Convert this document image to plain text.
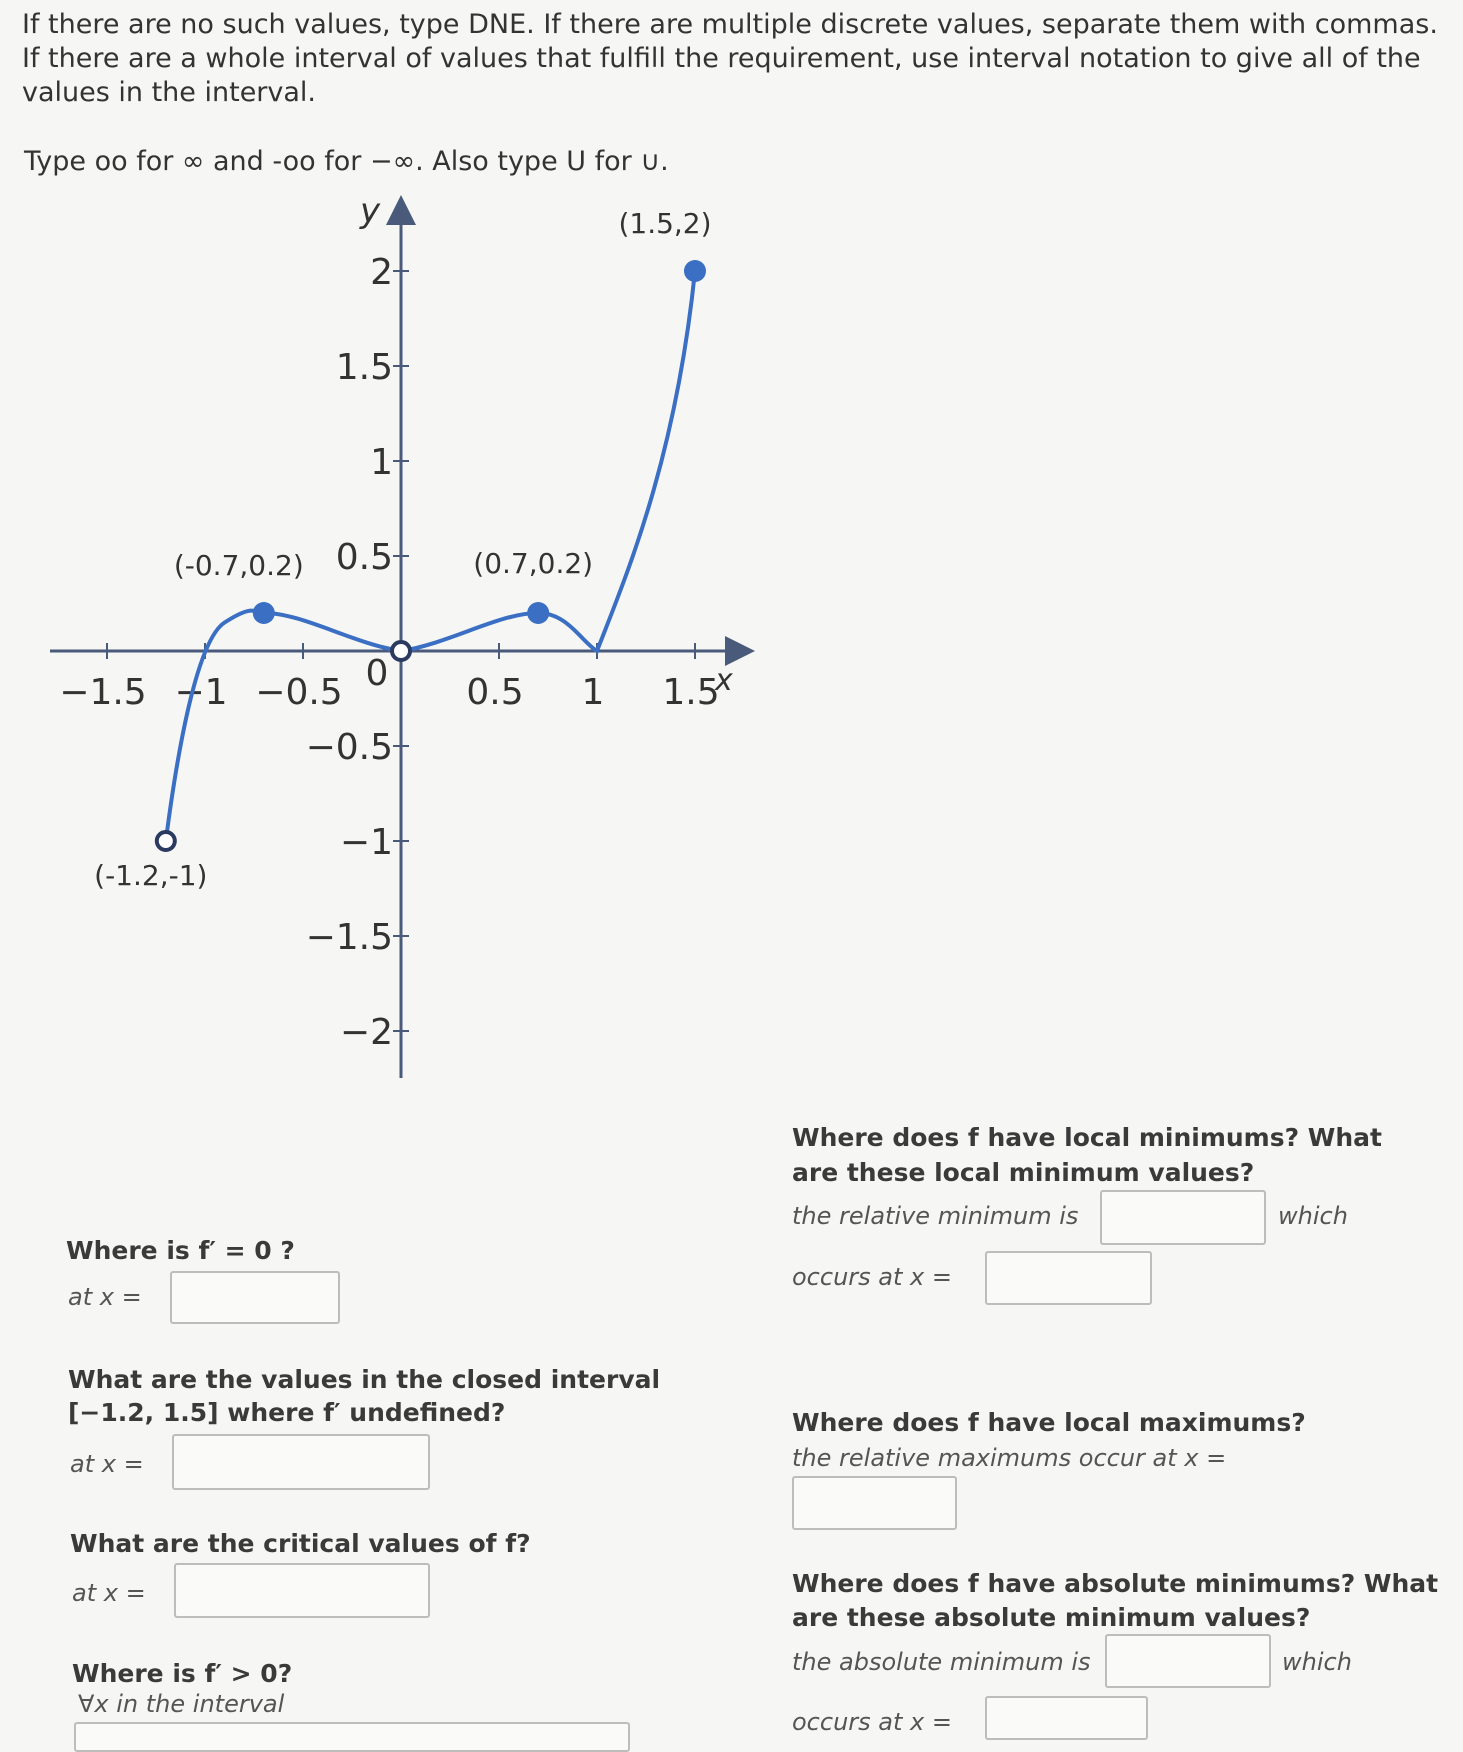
If there are no such values, type DNE. If there are multiple discrete values, separate them with commas. If there are a whole interval of values that fulfill the requirement, use interval notation to give all of the values in the interval.
Type oo for ∞ and -oo for −∞. Also type U for ∪.
x
y
−1.5 −1 −0.5 0 0.5 1 1.5
2
1.5
1
0.5
−0.5
−1
−1.5
−2
(1.5,2)
(-0.7,0.2)	(0.7,0.2)
(-1.2,-1)
Where is f′ = 0 ?
at x =
What are the values in the closed interval
[−1.2, 1.5] where f′ undefined?
at x =
What are the critical values of f?
at x =
Where is f′ > 0?
∀x in the interval
Where does f have local minimums? What
are these local minimum values?
the relative minimum is	which
occurs at x =
Where does f have local maximums?
the relative maximums occur at x =
Where does f have absolute minimums? What
are these absolute minimum values?
the absolute minimum is	which
occurs at x =
